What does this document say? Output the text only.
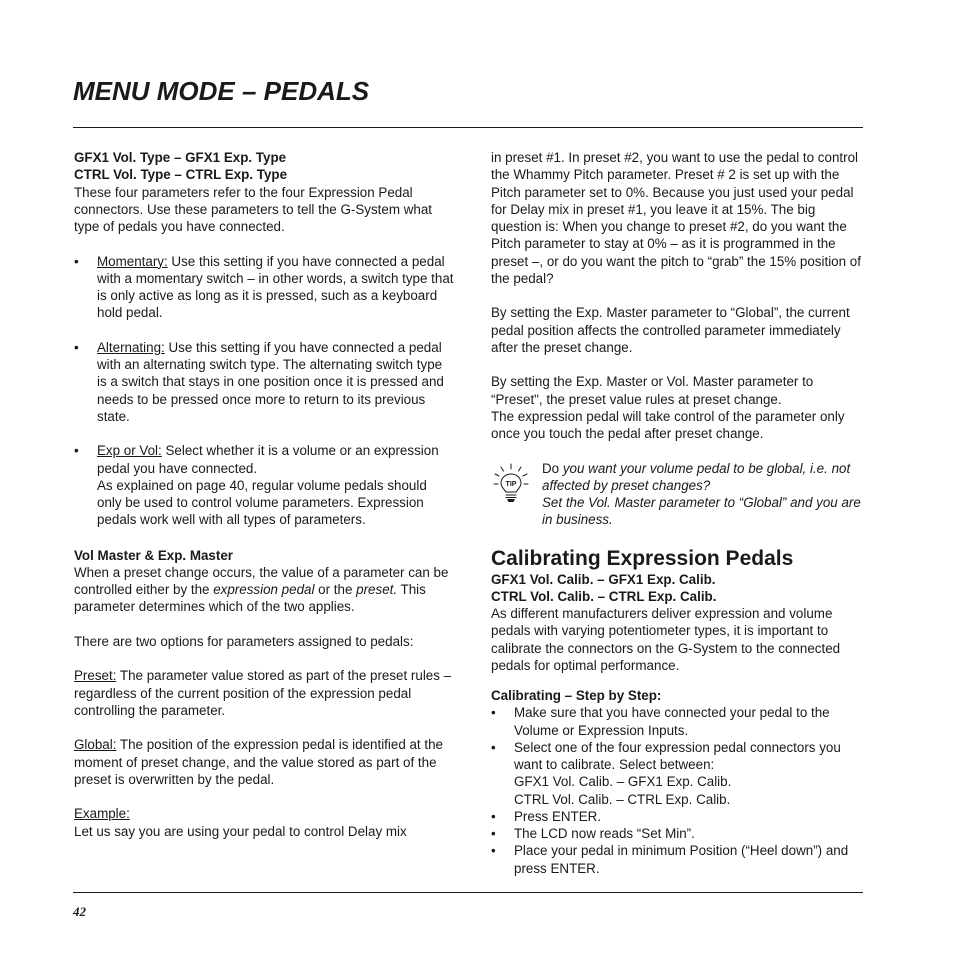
MENU MODE – PEDALS

GFX1 Vol. Type – GFX1 Exp. Type

CTRL Vol. Type – CTRL Exp. Type

These four parameters refer to the four Expression Pedal connectors. Use these parameters to tell the G-System what type of pedals you have connected.

• Momentary: Use this setting if you have connected a pedal with a momentary switch – in other words, a switch type that is only active as long as it is pressed, such as a keyboard hold pedal.
• Alternating: Use this setting if you have connected a pedal with an alternating switch type. The alternating switch type is a switch that stays in one position once it is pressed and needs to be pressed once more to return to its previous state.
• Exp or Vol: Select whether it is a volume or an expression pedal you have connected.

As explained on page 40, regular volume pedals should only be used to control volume parameters. Expression pedals work well with all types of parameters.

Vol Master & Exp. Master

When a preset change occurs, the value of a parameter can be controlled either by the expression pedal or the preset. This parameter determines which of the two applies.

There are two options for parameters assigned to pedals:

Preset: The parameter value stored as part of the preset rules – regardless of the current position of the expression pedal controlling the parameter.

Global: The position of the expression pedal is identified at the moment of preset change, and the value stored as part of the preset is overwritten by the pedal.

Example:

Let us say you are using your pedal to control Delay mix

in preset #1. In preset #2, you want to use the pedal to control the Whammy Pitch parameter. Preset # 2 is set up with the Pitch parameter set to 0%. Because you just used your pedal for Delay mix in preset #1, you leave it at 15%. The big question is: When you change to preset #2, do you want the Pitch parameter to stay at 0% – as it is programmed in the preset –, or do you want the pitch to “grab” the 15% position of the pedal?

By setting the Exp. Master parameter to “Global”, the current pedal position affects the controlled parameter immediately after the preset change.

By setting the Exp. Master or Vol. Master parameter to “Preset", the preset value rules at preset change.

The expression pedal will take control of the parameter only once you touch the pedal after preset change.

TIP

Do you want your volume pedal to be global, i.e. not affected by preset changes?

Set the Vol. Master parameter to “Global” and you are in business.

Calibrating Expression Pedals

GFX1 Vol. Calib. – GFX1 Exp. Calib.

CTRL Vol. Calib. – CTRL Exp. Calib.

As different manufacturers deliver expression and volume pedals with varying potentiometer types, it is important to calibrate the connectors on the G-System to the connected pedals for optimal performance.

Calibrating – Step by Step:

• Make sure that you have connected your pedal to the Volume or Expression Inputs.
• Select one of the four expression pedal connectors you want to calibrate. Select between:

GFX1 Vol. Calib. – GFX1 Exp. Calib.

CTRL Vol. Calib. – CTRL Exp. Calib.

• Press ENTER.
• The LCD now reads “Set Min”.
• Place your pedal in minimum Position (“Heel down”) and press ENTER.
42
